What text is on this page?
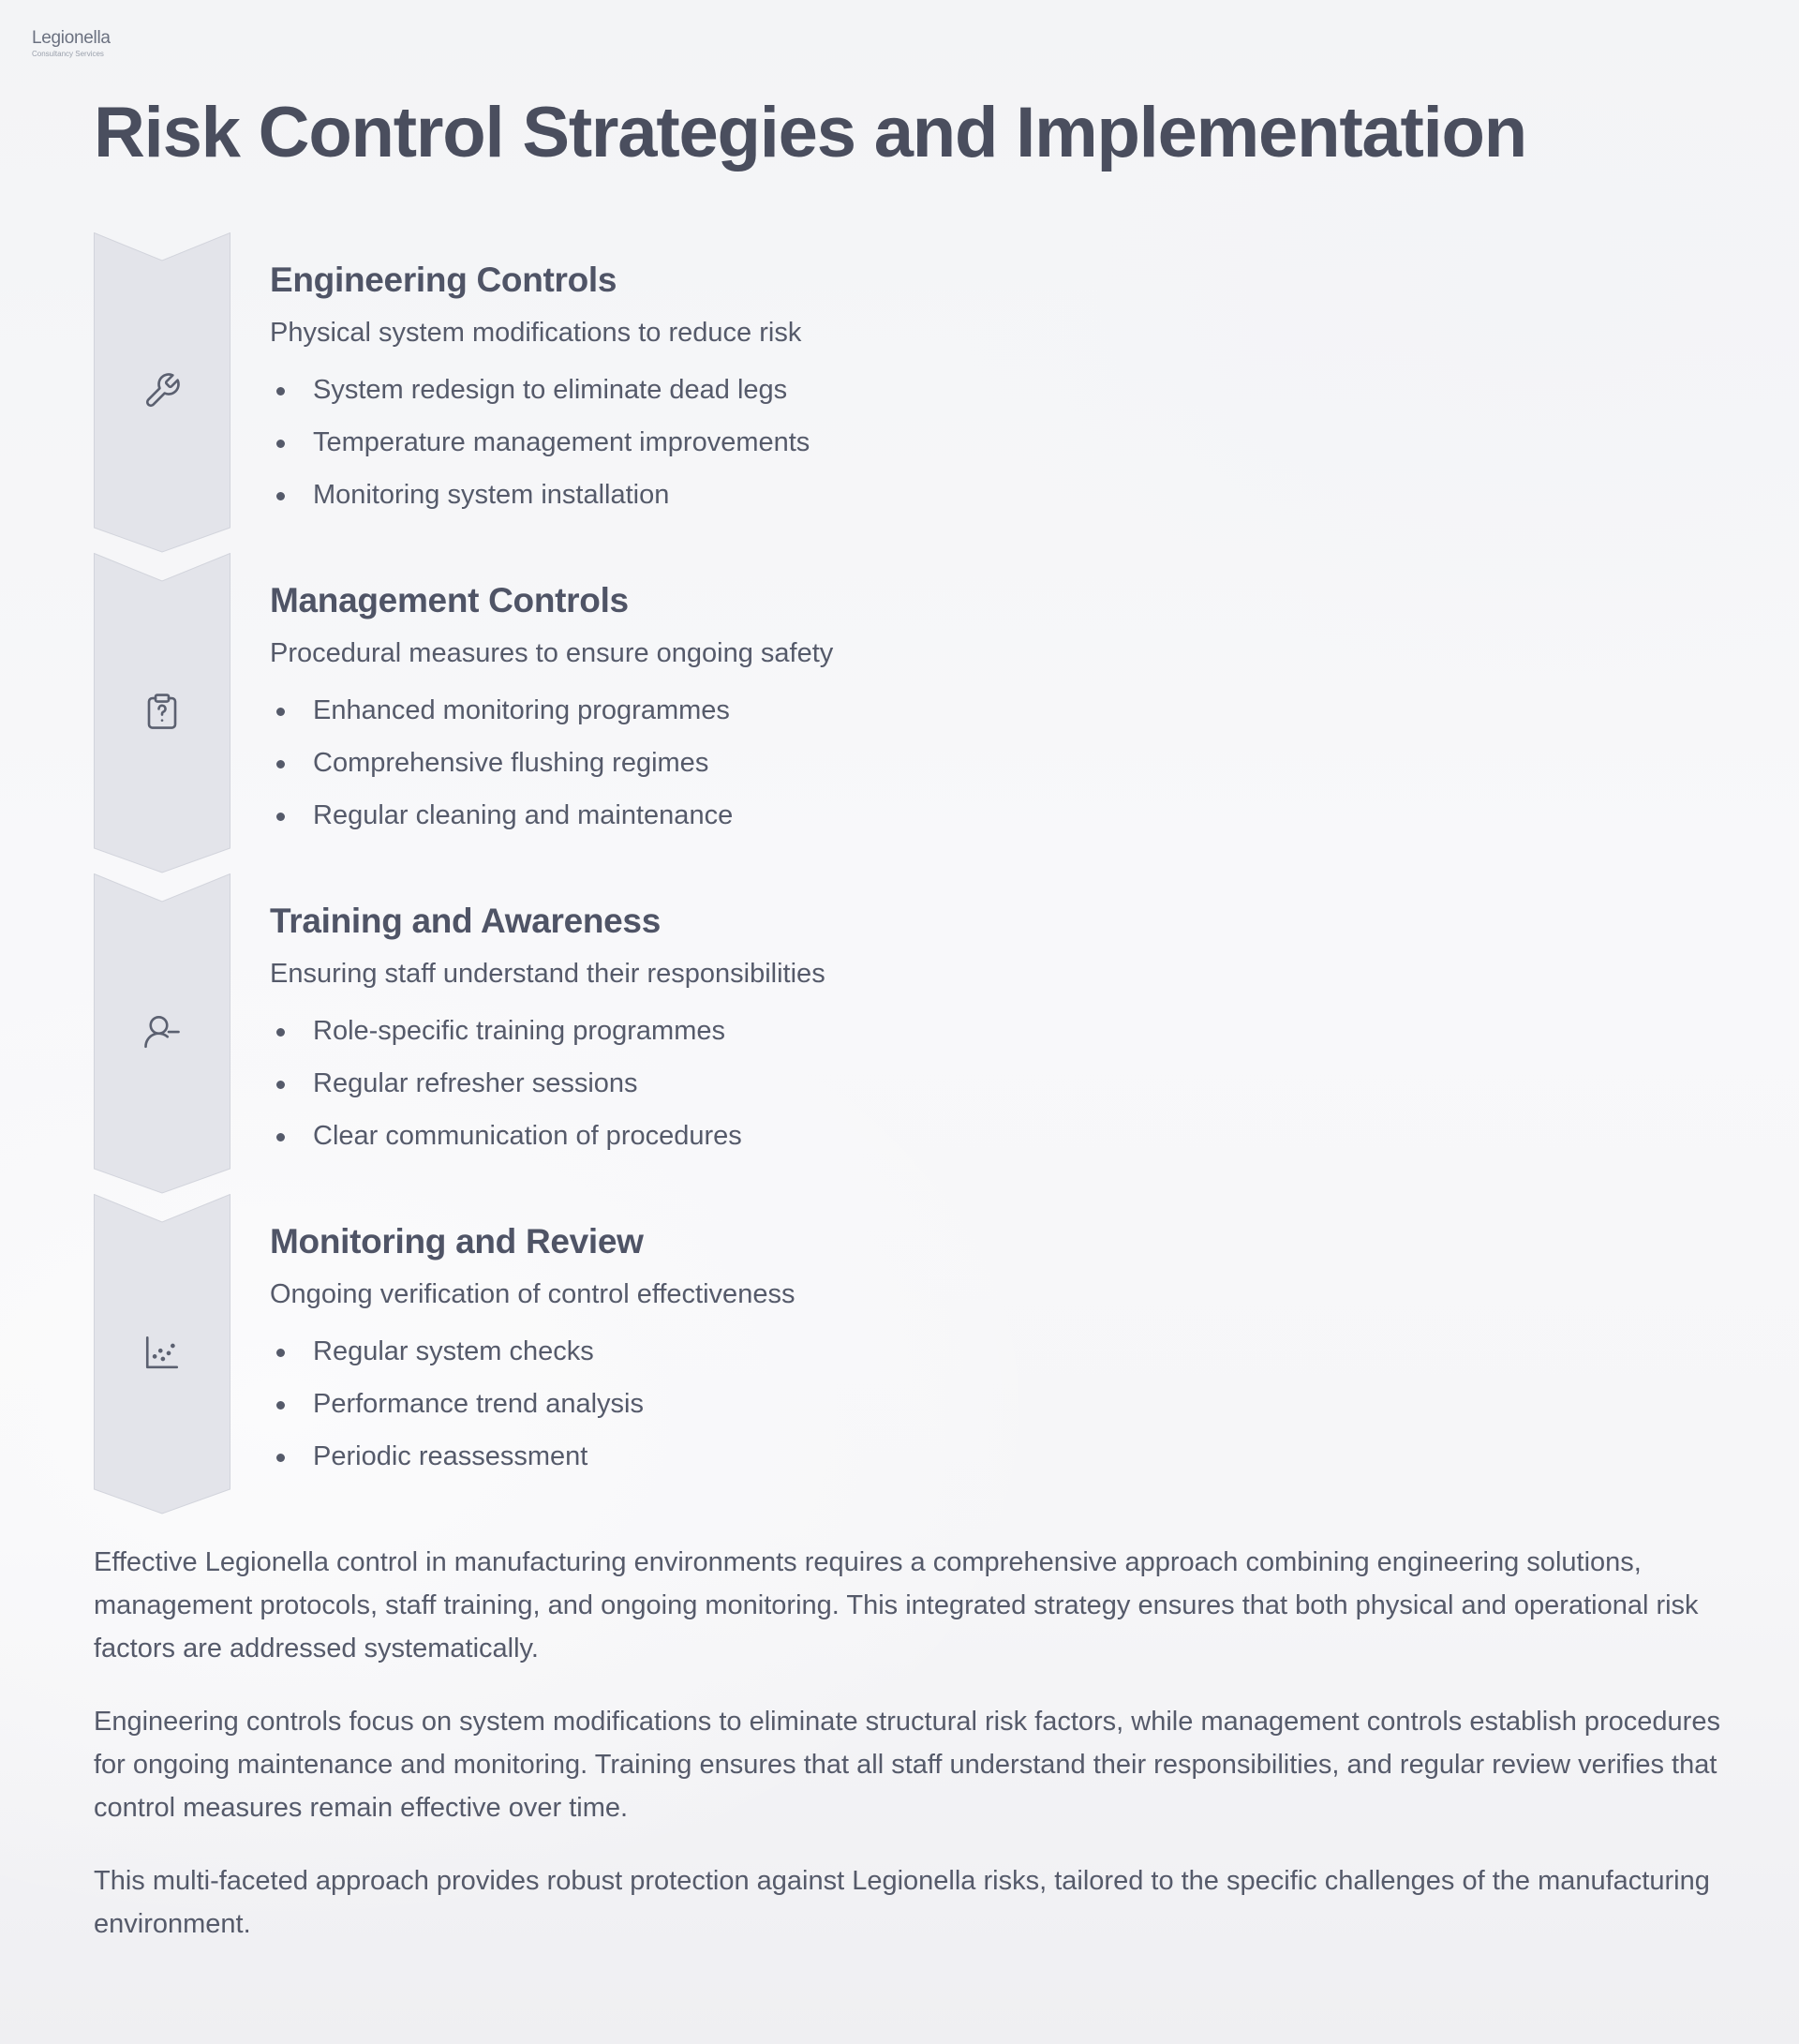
Legionella
Consultancy Services
Risk Control Strategies and Implementation
Engineering Controls

Physical system modifications to reduce risk

System redesign to eliminate dead legs
Temperature management improvements
Monitoring system installation
Management Controls

Procedural measures to ensure ongoing safety

Enhanced monitoring programmes
Comprehensive flushing regimes
Regular cleaning and maintenance
Training and Awareness

Ensuring staff understand their responsibilities

Role-specific training programmes
Regular refresher sessions
Clear communication of procedures
Monitoring and Review

Ongoing verification of control effectiveness

Regular system checks
Performance trend analysis
Periodic reassessment

Effective Legionella control in manufacturing environments requires a comprehensive approach combining engineering solutions, management protocols, staff training, and ongoing monitoring. This integrated strategy ensures that both physical and operational risk factors are addressed systematically.

Engineering controls focus on system modifications to eliminate structural risk factors, while management controls establish procedures for ongoing maintenance and monitoring. Training ensures that all staff understand their responsibilities, and regular review verifies that control measures remain effective over time.

This multi-faceted approach provides robust protection against Legionella risks, tailored to the specific challenges of the manufacturing environment.
